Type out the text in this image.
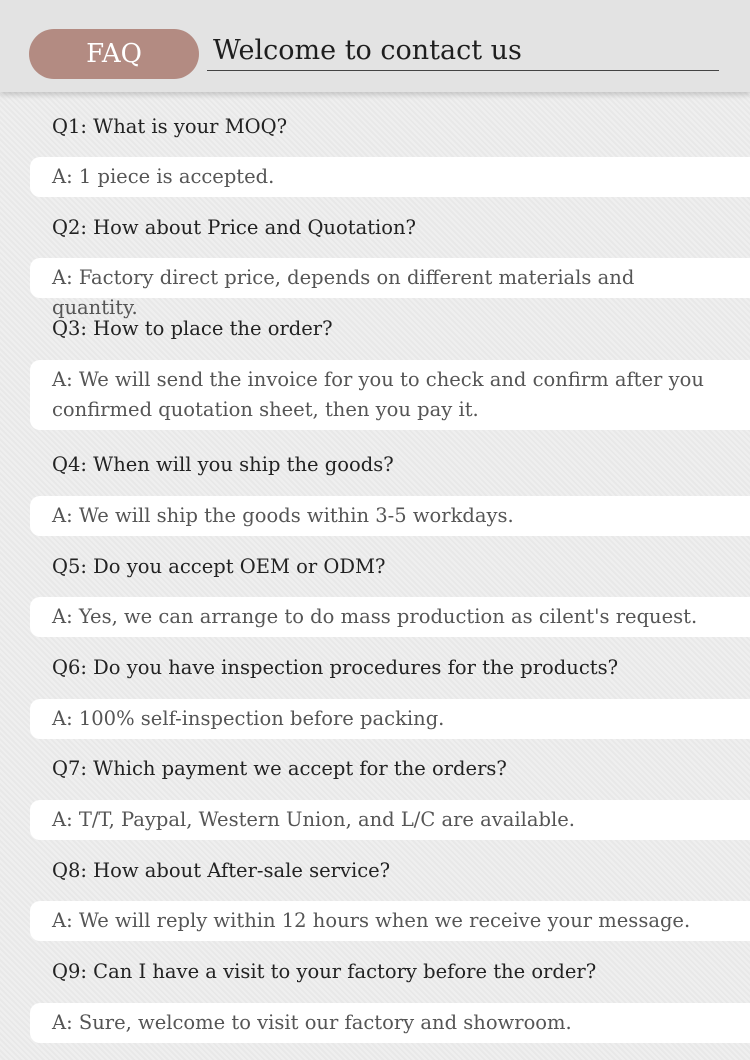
FAQ	Welcome to contact us
Q1: What is your MOQ?
A: 1 piece is accepted.
Q2: How about Price and Quotation?
A: Factory direct price, depends on different materials and quantity.
Q3: How to place the order?
A: We will send the invoice for you to check and confirm after you confirmed quotation sheet, then you pay it.
Q4: When will you ship the goods?
A: We will ship the goods within 3-5 workdays.
Q5: Do you accept OEM or ODM?
A: Yes, we can arrange to do mass production as cilent's request.
Q6: Do you have inspection procedures for the products?
A: 100% self-inspection before packing.
Q7: Which payment we accept for the orders?
A: T/T, Paypal, Western Union, and L/C are available.
Q8: How about After-sale service?
A: We will reply within 12 hours when we receive your message.
Q9: Can I have a visit to your factory before the order?
A: Sure, welcome to visit our factory and showroom.
